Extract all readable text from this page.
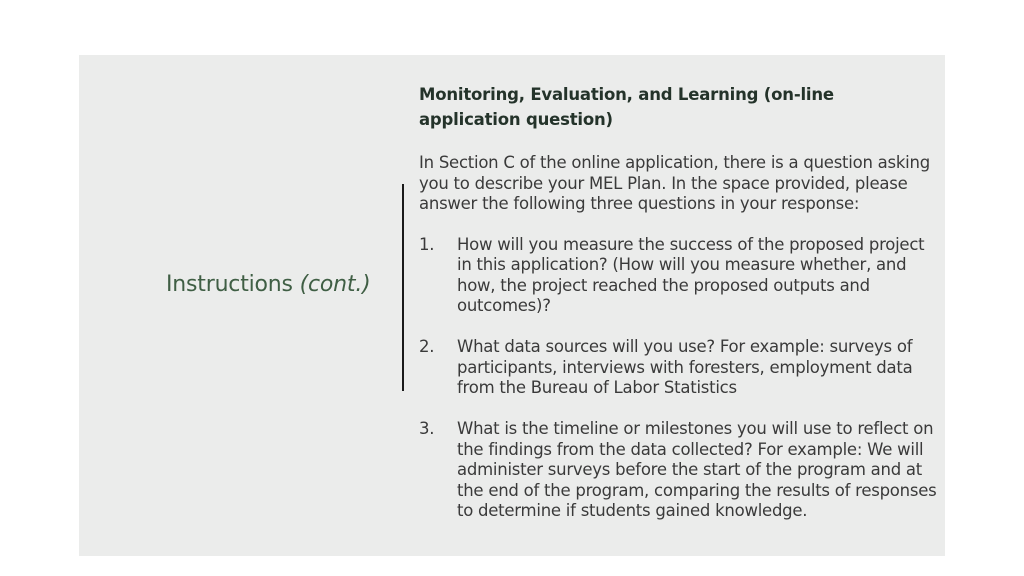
Instructions (cont.)
Monitoring, Evaluation, and Learning (on-line application question)
In Section C of the online application, there is a question asking you to describe your MEL Plan. In the space provided, please answer the following three questions in your response:
1.	How will you measure the success of the proposed project in this application? (How will you measure whether, and how, the project reached the proposed outputs and outcomes)?
2.	What data sources will you use? For example: surveys of participants, interviews with foresters, employment data from the Bureau of Labor Statistics
3.	What is the timeline or milestones you will use to reflect on the findings from the data collected? For example: We will administer surveys before the start of the program and at the end of the program, comparing the results of responses to determine if students gained knowledge.
